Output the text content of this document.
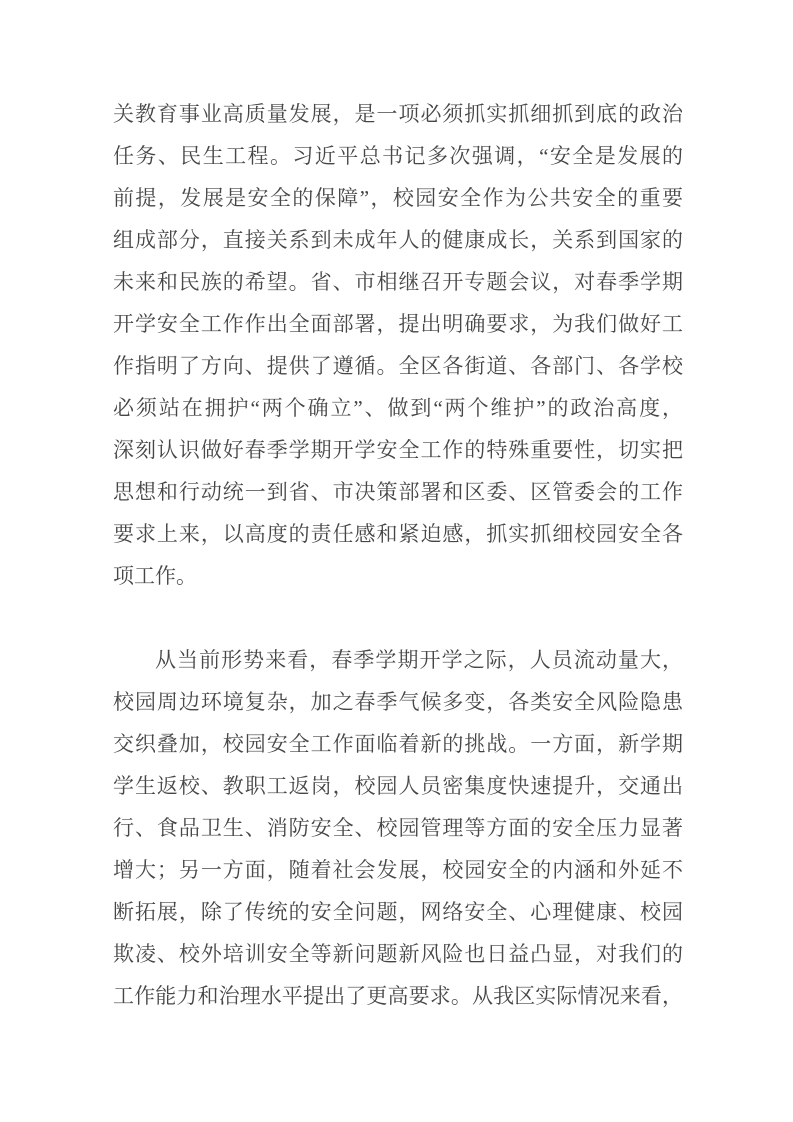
关教育事业高质量发展，是一项必须抓实抓细抓到底的政治
任务、民生工程。习近平总书记多次强调，“安全是发展的
前提，发展是安全的保障”，校园安全作为公共安全的重要
组成部分，直接关系到未成年人的健康成长，关系到国家的
未来和民族的希望。省、市相继召开专题会议，对春季学期
开学安全工作作出全面部署，提出明确要求，为我们做好工
作指明了方向、提供了遵循。全区各街道、各部门、各学校
必须站在拥护“两个确立”、做到“两个维护”的政治高度，
深刻认识做好春季学期开学安全工作的特殊重要性，切实把
思想和行动统一到省、市决策部署和区委、区管委会的工作
要求上来，以高度的责任感和紧迫感，抓实抓细校园安全各
项工作。
从当前形势来看，春季学期开学之际，人员流动量大，
校园周边环境复杂，加之春季气候多变，各类安全风险隐患
交织叠加，校园安全工作面临着新的挑战。一方面，新学期
学生返校、教职工返岗，校园人员密集度快速提升，交通出
行、食品卫生、消防安全、校园管理等方面的安全压力显著
增大；另一方面，随着社会发展，校园安全的内涵和外延不
断拓展，除了传统的安全问题，网络安全、心理健康、校园
欺凌、校外培训安全等新问题新风险也日益凸显，对我们的
工作能力和治理水平提出了更高要求。从我区实际情况来看，
